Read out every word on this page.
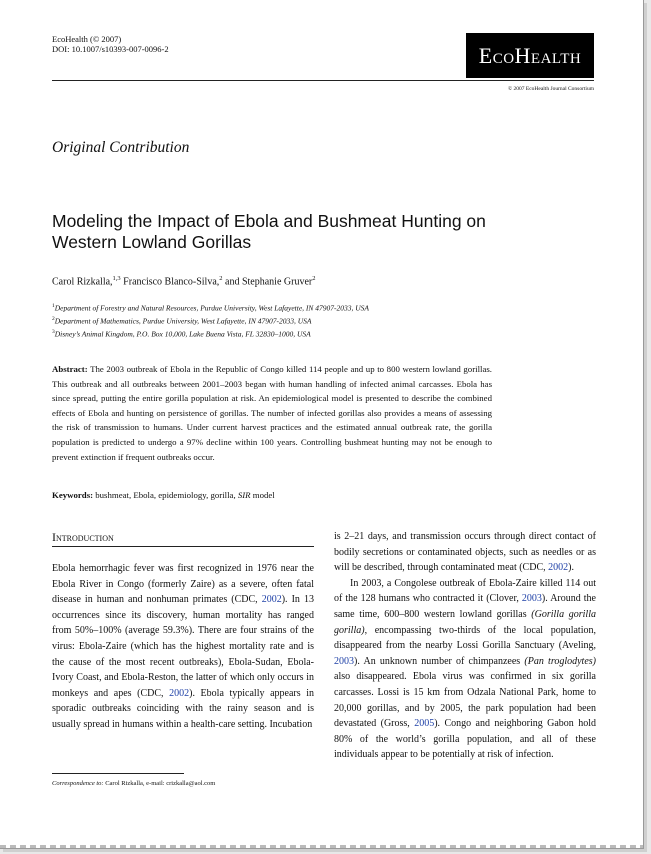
EcoHealth (© 2007)
DOI: 10.1007/s10393-007-0096-2	EcoHealth
© 2007 EcoHealth Journal Consortium
Original Contribution
Modeling the Impact of Ebola and Bushmeat Hunting on
Western Lowland Gorillas
Carol Rizkalla,$^{1,3}$ Francisco Blanco-Silva,$^2$ and Stephanie Gruver$^2$
$^1$Department of Forestry and Natural Resources, Purdue University, West Lafayette, IN 47907-2033, USA
$^2$Department of Mathematics, Purdue University, West Lafayette, IN 47907-2033, USA
$^3$Disney’s Animal Kingdom, P.O. Box 10,000, Lake Buena Vista, FL 32830–1000, USA
Abstract: The 2003 outbreak of Ebola in the Republic of Congo killed 114 people and up to 800 western lowland gorillas. This outbreak and all outbreaks between 2001–2003 began with human handling of infected animal carcasses. Ebola has since spread, putting the entire gorilla population at risk. An epidemiological model is presented to describe the combined effects of Ebola and hunting on persistence of gorillas. The number of infected gorillas also provides a means of assessing the risk of transmission to humans. Under current harvest practices and the estimated annual outbreak rate, the gorilla population is predicted to undergo a 97% decline within 100 years. Controlling bushmeat hunting may not be enough to prevent extinction if frequent outbreaks occur.
Keywords: bushmeat, Ebola, epidemiology, gorilla, SIR model
Introduction

Ebola hemorrhagic fever was first recognized in 1976 near the Ebola River in Congo (formerly Zaire) as a severe, often fatal disease in human and nonhuman primates (CDC, 2002). In 13 occurrences since its discovery, human mortality has ranged from 50%–100% (average 59.3%). There are four strains of the virus: Ebola-Zaire (which has the highest mortality rate and is the cause of the most recent outbreaks), Ebola-Sudan, Ebola-Ivory Coast, and Ebola-Reston, the latter of which only occurs in monkeys and apes (CDC, 2002). Ebola typically appears in sporadic outbreaks coinciding with the rainy season and is usually spread in humans within a health-care setting. Incubation

is 2–21 days, and transmission occurs through direct contact of bodily secretions or contaminated objects, such as needles or as will be described, through contaminated meat (CDC, 2002).

In 2003, a Congolese outbreak of Ebola-Zaire killed 114 out of the 128 humans who contracted it (Clover, 2003). Around the same time, 600–800 western lowland gorillas (Gorilla gorilla gorilla), encompassing two-thirds of the local population, disappeared from the nearby Lossi Gorilla Sanctuary (Aveling, 2003). An unknown number of chimpanzees (Pan troglodytes) also disappeared. Ebola virus was confirmed in six gorilla carcasses. Lossi is 15 km from Odzala National Park, home to 20,000 gorillas, and by 2005, the park population had been devastated (Gross, 2005). Congo and neighboring Gabon hold 80% of the world’s gorilla population, and all of these individuals appear to be potentially at risk of infection.

Correspondence to: Carol Rizkalla, e-mail: crizkalla@aol.com
